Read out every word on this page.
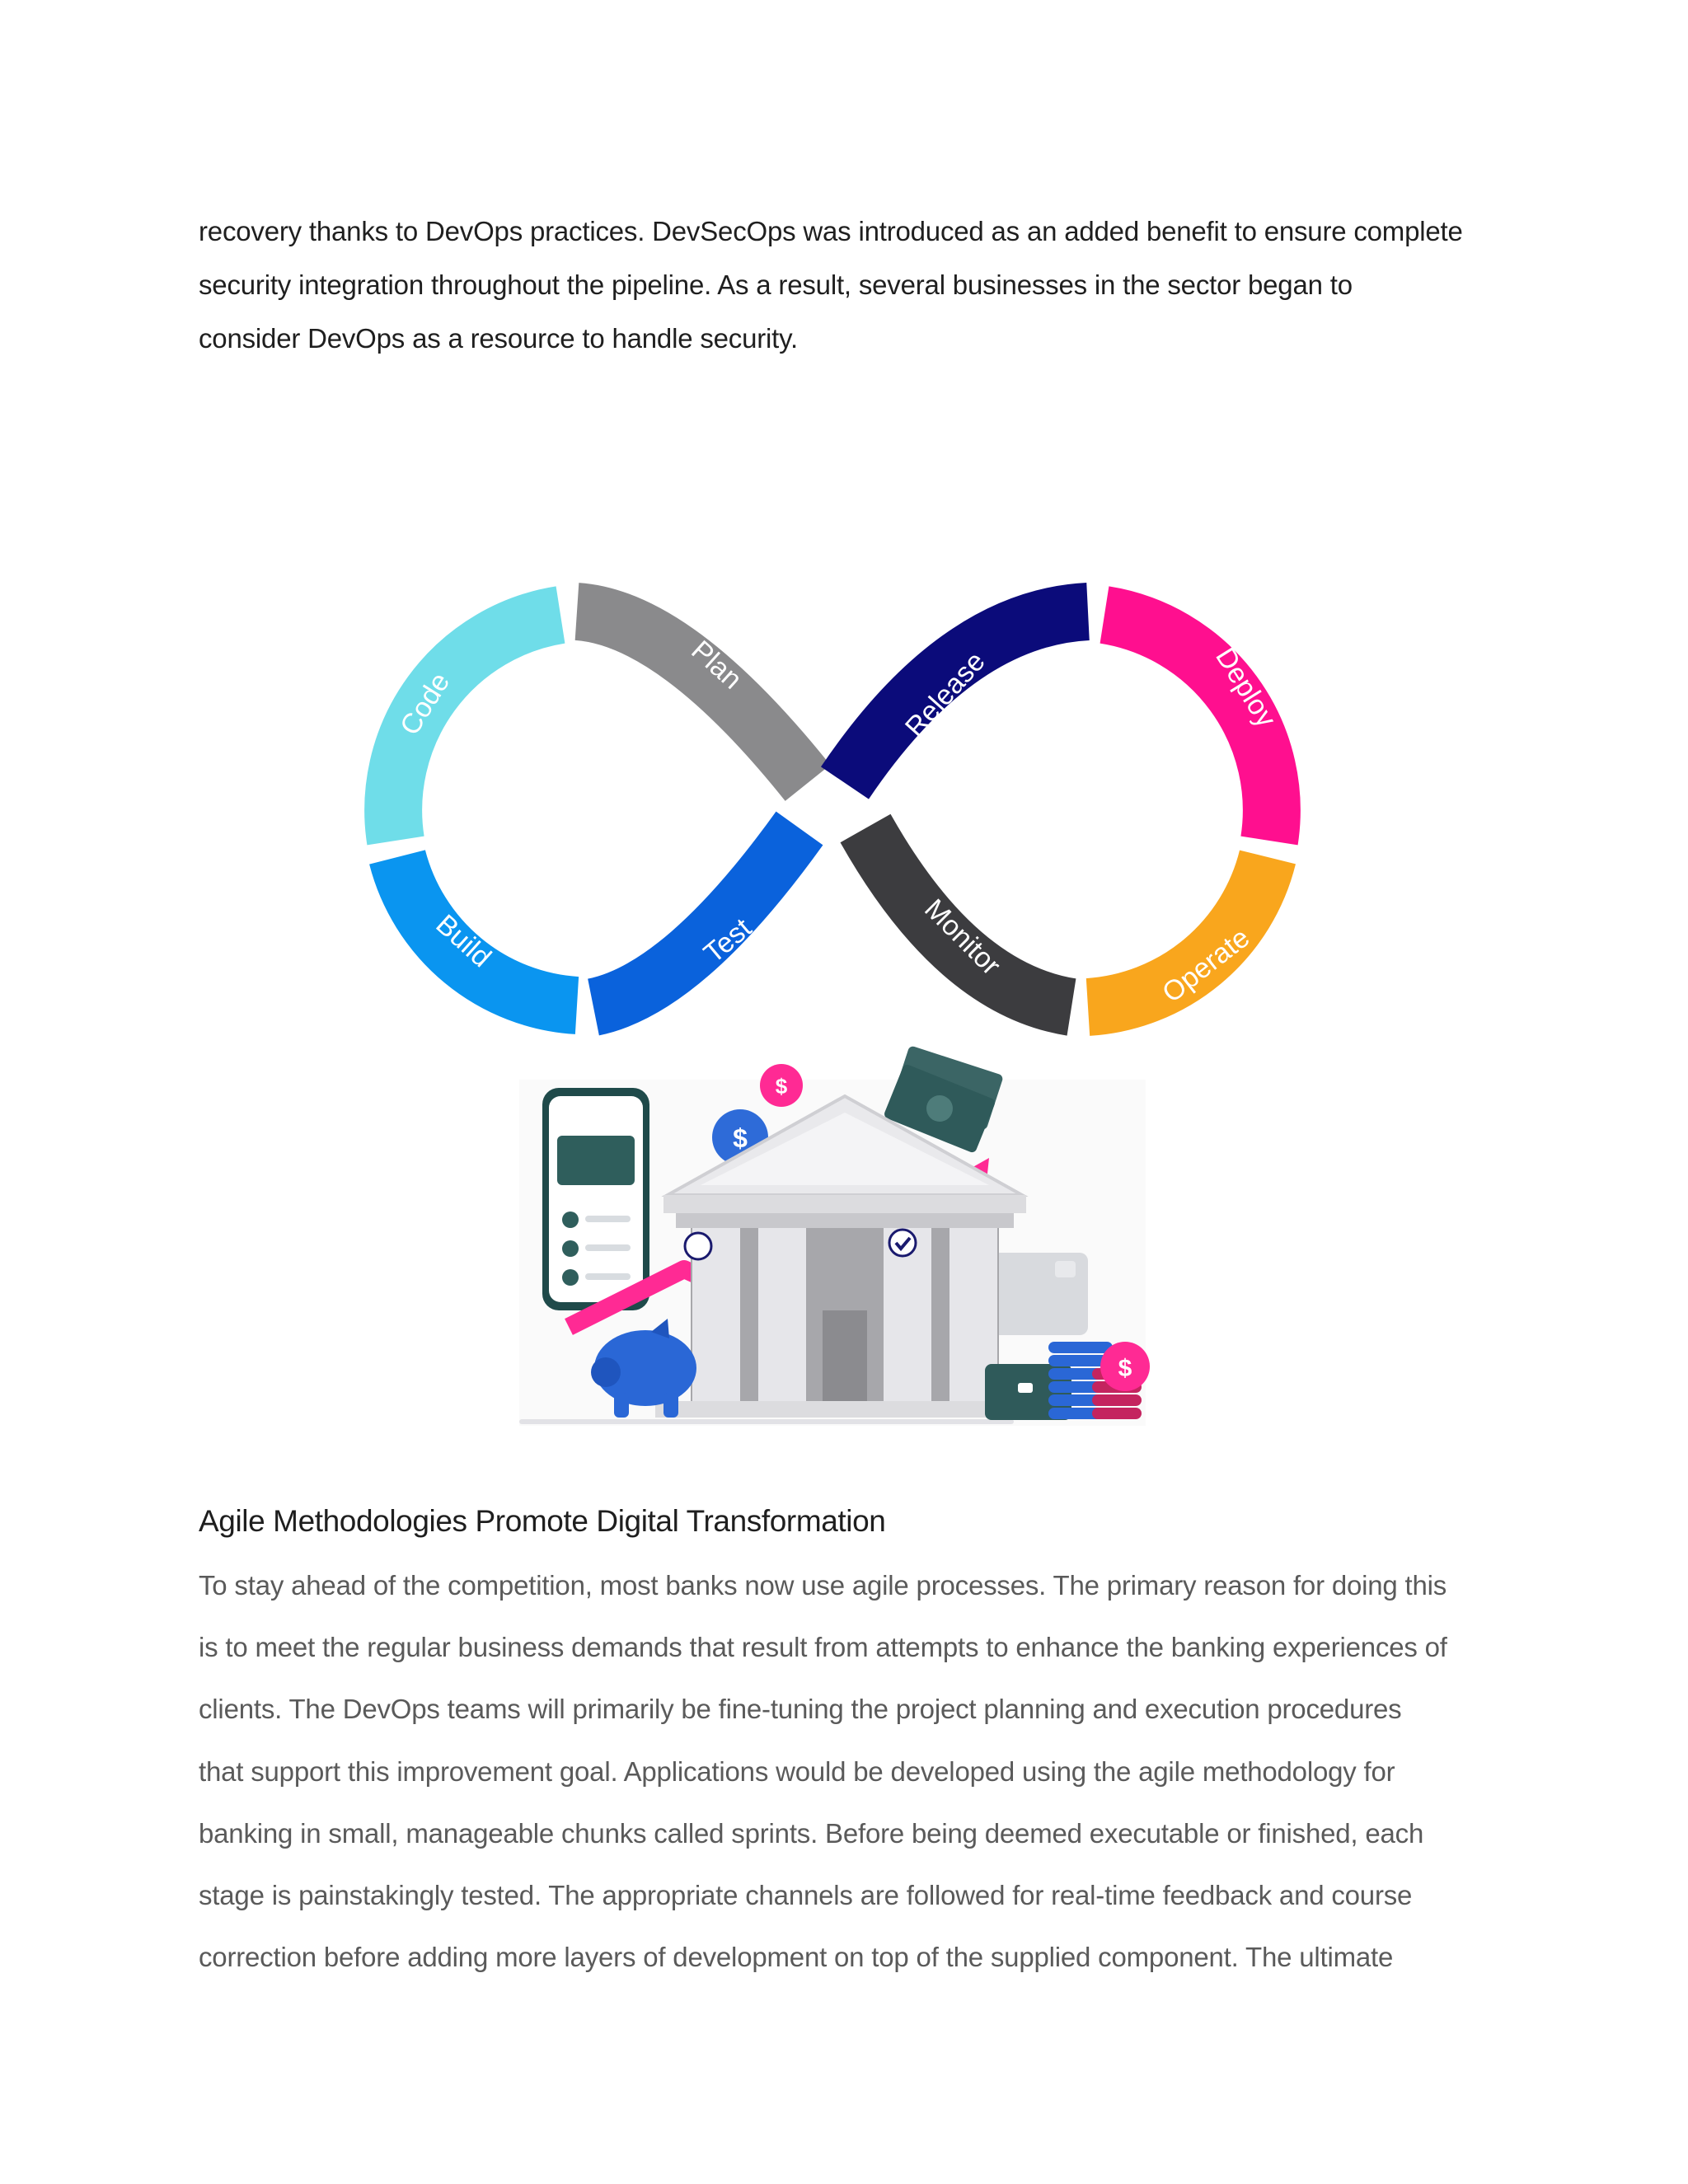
recovery thanks to DevOps practices. DevSecOps was introduced as an added benefit to ensure complete

security integration throughout the pipeline. As a result, several businesses in the sector began to

consider DevOps as a resource to handle security.

Code
Plan	Release	Deploy
Build	Test	Monitor	Operate
$
$
$
Agile Methodologies Promote Digital Transformation

To stay ahead of the competition, most banks now use agile processes. The primary reason for doing this

is to meet the regular business demands that result from attempts to enhance the banking experiences of

clients. The DevOps teams will primarily be fine-tuning the project planning and execution procedures

that support this improvement goal. Applications would be developed using the agile methodology for

banking in small, manageable chunks called sprints. Before being deemed executable or finished, each

stage is painstakingly tested. The appropriate channels are followed for real-time feedback and course

correction before adding more layers of development on top of the supplied component. The ultimate
